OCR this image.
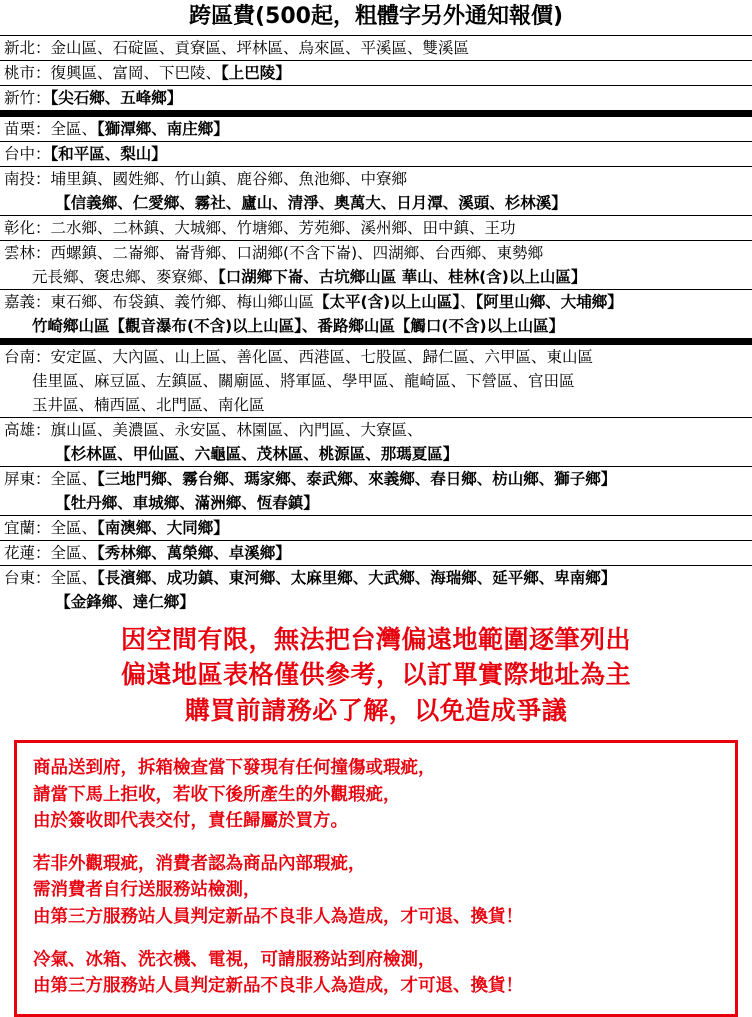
跨區費(500起，粗體字另外通知報價)
新北：金山區、石碇區、貢寮區、坪林區、烏來區、平溪區、雙溪區
桃市：復興區、富岡、下巴陵、【上巴陵】
新竹：【尖石鄉、五峰鄉】

苗栗：全區、【獅潭鄉、南庄鄉】
台中：【和平區、梨山】
南投：埔里鎮、國姓鄉、竹山鎮、鹿谷鄉、魚池鄉、中寮鄉
　　【信義鄉、仁愛鄉、霧社、廬山、清淨、奧萬大、日月潭、溪頭、杉林溪】
彰化：二水鄉、二林鎮、大城鄉、竹塘鄉、芳苑鄉、溪州鄉、田中鎮、王功
雲林：西螺鎮、二崙鄉、崙背鄉、口湖鄉(不含下崙)、四湖鄉、台西鄉、東勢鄉
元長鄉、褒忠鄉、麥寮鄉、【口湖鄉下崙、古坑鄉山區 華山、桂林(含)以上山區】
嘉義：東石鄉、布袋鎮、義竹鄉、梅山鄉山區【太平(含)以上山區】、【阿里山鄉、大埔鄉】
竹崎鄉山區【觀音瀑布(不含)以上山區】、番路鄉山區【觸口(不含)以上山區】

台南：安定區、大內區、山上區、善化區、西港區、七股區、歸仁區、六甲區、東山區
佳里區、麻豆區、左鎮區、關廟區、將軍區、學甲區、龍崎區、下營區、官田區
玉井區、楠西區、北門區、南化區
高雄：旗山區、美濃區、永安區、林園區、內門區、大寮區、
　　【杉林區、甲仙區、六龜區、茂林區、桃源區、那瑪夏區】
屏東：全區、【三地門鄉、霧台鄉、瑪家鄉、泰武鄉、來義鄉、春日鄉、枋山鄉、獅子鄉】
　　【牡丹鄉、車城鄉、滿洲鄉、恆春鎮】
宜蘭：全區、【南澳鄉、大同鄉】
花蓮：全區、【秀林鄉、萬榮鄉、卓溪鄉】
台東：全區、【長濱鄉、成功鎮、東河鄉、太麻里鄉、大武鄉、海瑞鄉、延平鄉、卑南鄉】
　　【金鋒鄉、達仁鄉】
因空間有限，無法把台灣偏遠地範圍逐筆列出
偏遠地區表格僅供參考，以訂單實際地址為主
購買前請務必了解，以免造成爭議

商品送到府，拆箱檢查當下發現有任何撞傷或瑕疵，
請當下馬上拒收，若收下後所產生的外觀瑕疵，
由於簽收即代表交付，責任歸屬於買方。

若非外觀瑕疵，消費者認為商品內部瑕疵，
需消費者自行送服務站檢測，
由第三方服務站人員判定新品不良非人為造成，才可退、換貨！

冷氣、冰箱、洗衣機、電視，可請服務站到府檢測，
由第三方服務站人員判定新品不良非人為造成，才可退、換貨！
